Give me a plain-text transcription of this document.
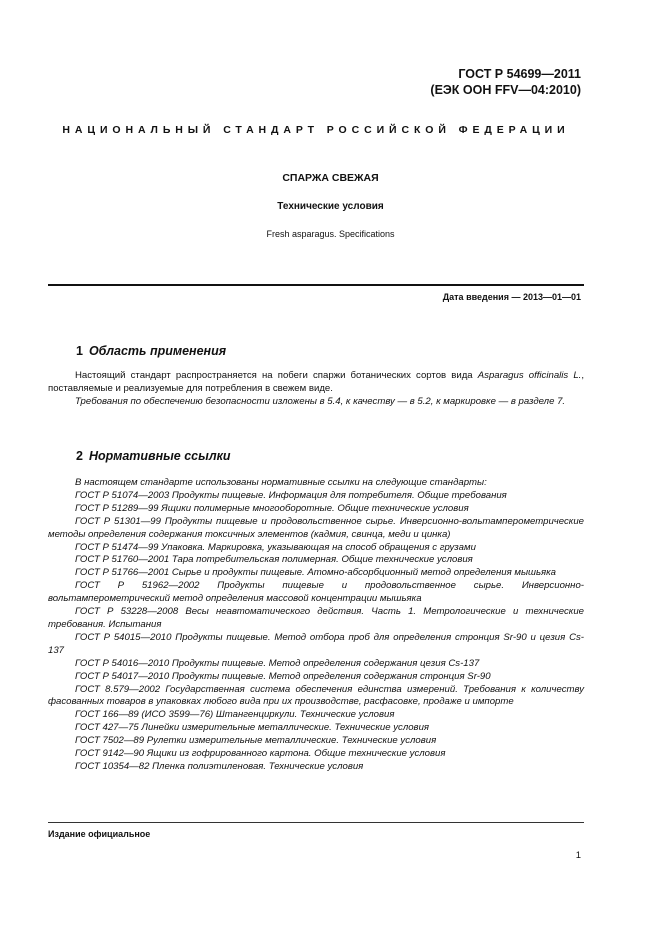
ГОСТ Р 54699—2011
(ЕЭК ООН FFV—04:2010)
НАЦИОНАЛЬНЫЙ СТАНДАРТ РОССИЙСКОЙ ФЕДЕРАЦИИ
СПАРЖА СВЕЖАЯ
Технические условия
Fresh asparagus. Specifications
Дата введения — 2013—01—01
1 Область применения

Настоящий стандарт распространяется на побеги спаржи ботанических сортов вида Asparagus officinalis L., поставляемые и реализуемые для потребления в свежем виде.

Требования по обеспечению безопасности изложены в 5.4, к качеству — в 5.2, к маркировке — в разделе 7.

2 Нормативные ссылки

В настоящем стандарте использованы нормативные ссылки на следующие стандарты:

ГОСТ Р 51074—2003 Продукты пищевые. Информация для потребителя. Общие требования

ГОСТ Р 51289—99 Ящики полимерные многооборотные. Общие технические условия

ГОСТ Р 51301—99 Продукты пищевые и продовольственное сырье. Инверсионно-вольтамперометрические методы определения содержания токсичных элементов (кадмия, свинца, меди и цинка)

ГОСТ Р 51474—99 Упаковка. Маркировка, указывающая на способ обращения с грузами

ГОСТ Р 51760—2001 Тара потребительская полимерная. Общие технические условия

ГОСТ Р 51766—2001 Сырье и продукты пищевые. Атомно-абсорбционный метод определения мышьяка

ГОСТ Р 51962—2002 Продукты пищевые и продовольственное сырье. Инверсионно-вольтамперометрический метод определения массовой концентрации мышьяка

ГОСТ Р 53228—2008 Весы неавтоматического действия. Часть 1. Метрологические и технические требования. Испытания

ГОСТ Р 54015—2010 Продукты пищевые. Метод отбора проб для определения стронция Sr-90 и цезия Cs-137

ГОСТ Р 54016—2010 Продукты пищевые. Метод определения содержания цезия Cs-137

ГОСТ Р 54017—2010 Продукты пищевые. Метод определения содержания стронция Sr-90

ГОСТ 8.579—2002 Государственная система обеспечения единства измерений. Требования к количеству фасованных товаров в упаковках любого вида при их производстве, расфасовке, продаже и импорте

ГОСТ 166—89 (ИСО 3599—76) Штангенциркули. Технические условия

ГОСТ 427—75 Линейки измерительные металлические. Технические условия

ГОСТ 7502—89 Рулетки измерительные металлические. Технические условия

ГОСТ 9142—90 Ящики из гофрированного картона. Общие технические условия

ГОСТ 10354—82 Пленка полиэтиленовая. Технические условия

Издание официальное
1
